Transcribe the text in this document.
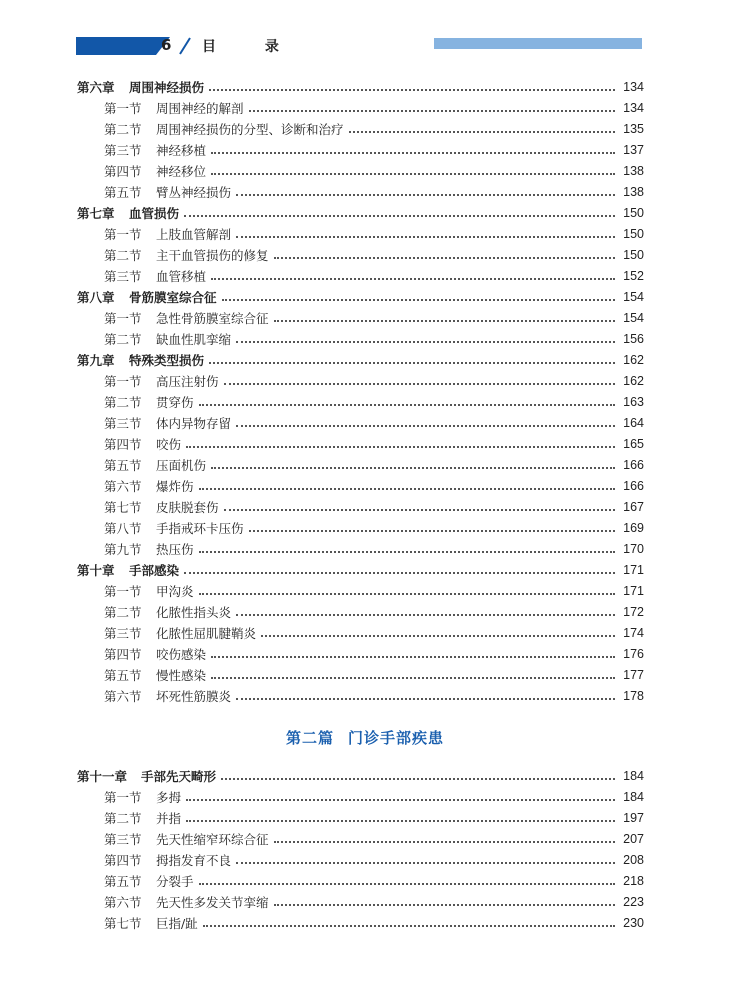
6 目 录
第六章	周围神经损伤	134
第一节	周围神经的解剖	134
第二节	周围神经损伤的分型、诊断和治疗	135
第三节	神经移植	137
第四节	神经移位	138
第五节	臂丛神经损伤	138
第七章	血管损伤	150
第一节	上肢血管解剖	150
第二节	主干血管损伤的修复	150
第三节	血管移植	152
第八章	骨筋膜室综合征	154
第一节	急性骨筋膜室综合征	154
第二节	缺血性肌挛缩	156
第九章	特殊类型损伤	162
第一节	高压注射伤	162
第二节	贯穿伤	163
第三节	体内异物存留	164
第四节	咬伤	165
第五节	压面机伤	166
第六节	爆炸伤	166
第七节	皮肤脱套伤	167
第八节	手指戒环卡压伤	169
第九节	热压伤	170
第十章	手部感染	171
第一节	甲沟炎	171
第二节	化脓性指头炎	172
第三节	化脓性屈肌腱鞘炎	174
第四节	咬伤感染	176
第五节	慢性感染	177
第六节	坏死性筋膜炎	178
第十一章	手部先天畸形	184
第一节	多拇	184
第二节	并指	197
第三节	先天性缩窄环综合征	207
第四节	拇指发育不良	208
第五节	分裂手	218
第六节	先天性多发关节挛缩	223
第七节	巨指/趾	230
第二篇 门诊手部疾患
